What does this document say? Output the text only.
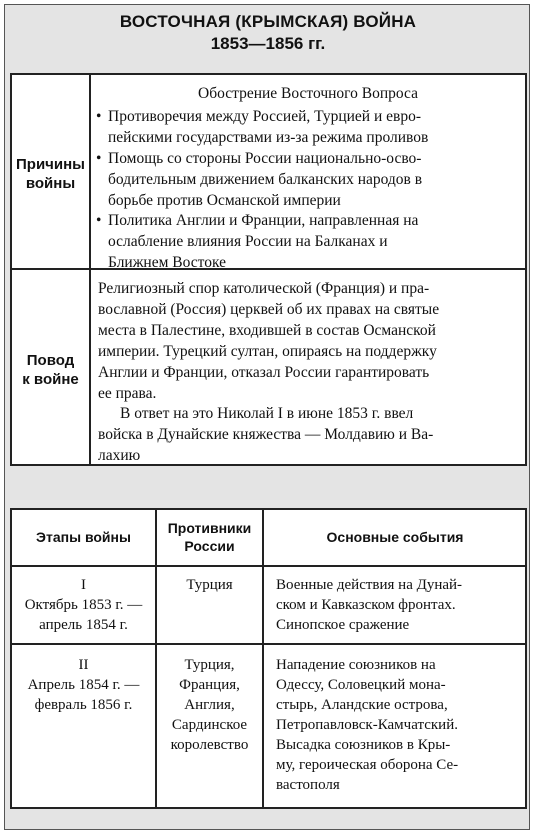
ВОСТОЧНАЯ (КРЫМСКАЯ) ВОЙНА
1853—1856 гг.
Причины
войны
Обострение Восточного Вопроса
• Противоречия между Россией, Турцией и евро-
пейскими государствами из-за режима проливов
• Помощь со стороны России национально-осво-
бодительным движением балканских народов в
борьбе против Османской империи
• Политика Англии и Франции, направленная на
ослабление влияния России на Балканах и
Ближнем Востоке
Повод
к войне
Религиозный спор католической (Франция) и пра-
вославной (Россия) церквей об их правах на святые
места в Палестине, входившей в состав Османской
империи. Турецкий султан, опираясь на поддержку
Англии и Франции, отказал России гарантировать
ее права.
В ответ на это Николай I в июне 1853 г. ввел
войска в Дунайские княжества — Молдавию и Ва-
лахию
Этапы войны
Противники
России
Основные события
I
Октябрь 1853 г. —
апрель 1854 г.
Турция	Военные действия на Дунай-
ском и Кавказском фронтах.
Синопское сражение
II
Апрель 1854 г. —
февраль 1856 г.
Турция,
Франция,
Англия,
Сардинское
королевство
Нападение союзников на
Одессу, Соловецкий мона-
стырь, Аландские острова,
Петропавловск-Камчатский.
Высадка союзников в Кры-
му, героическая оборона Се-
вастополя
